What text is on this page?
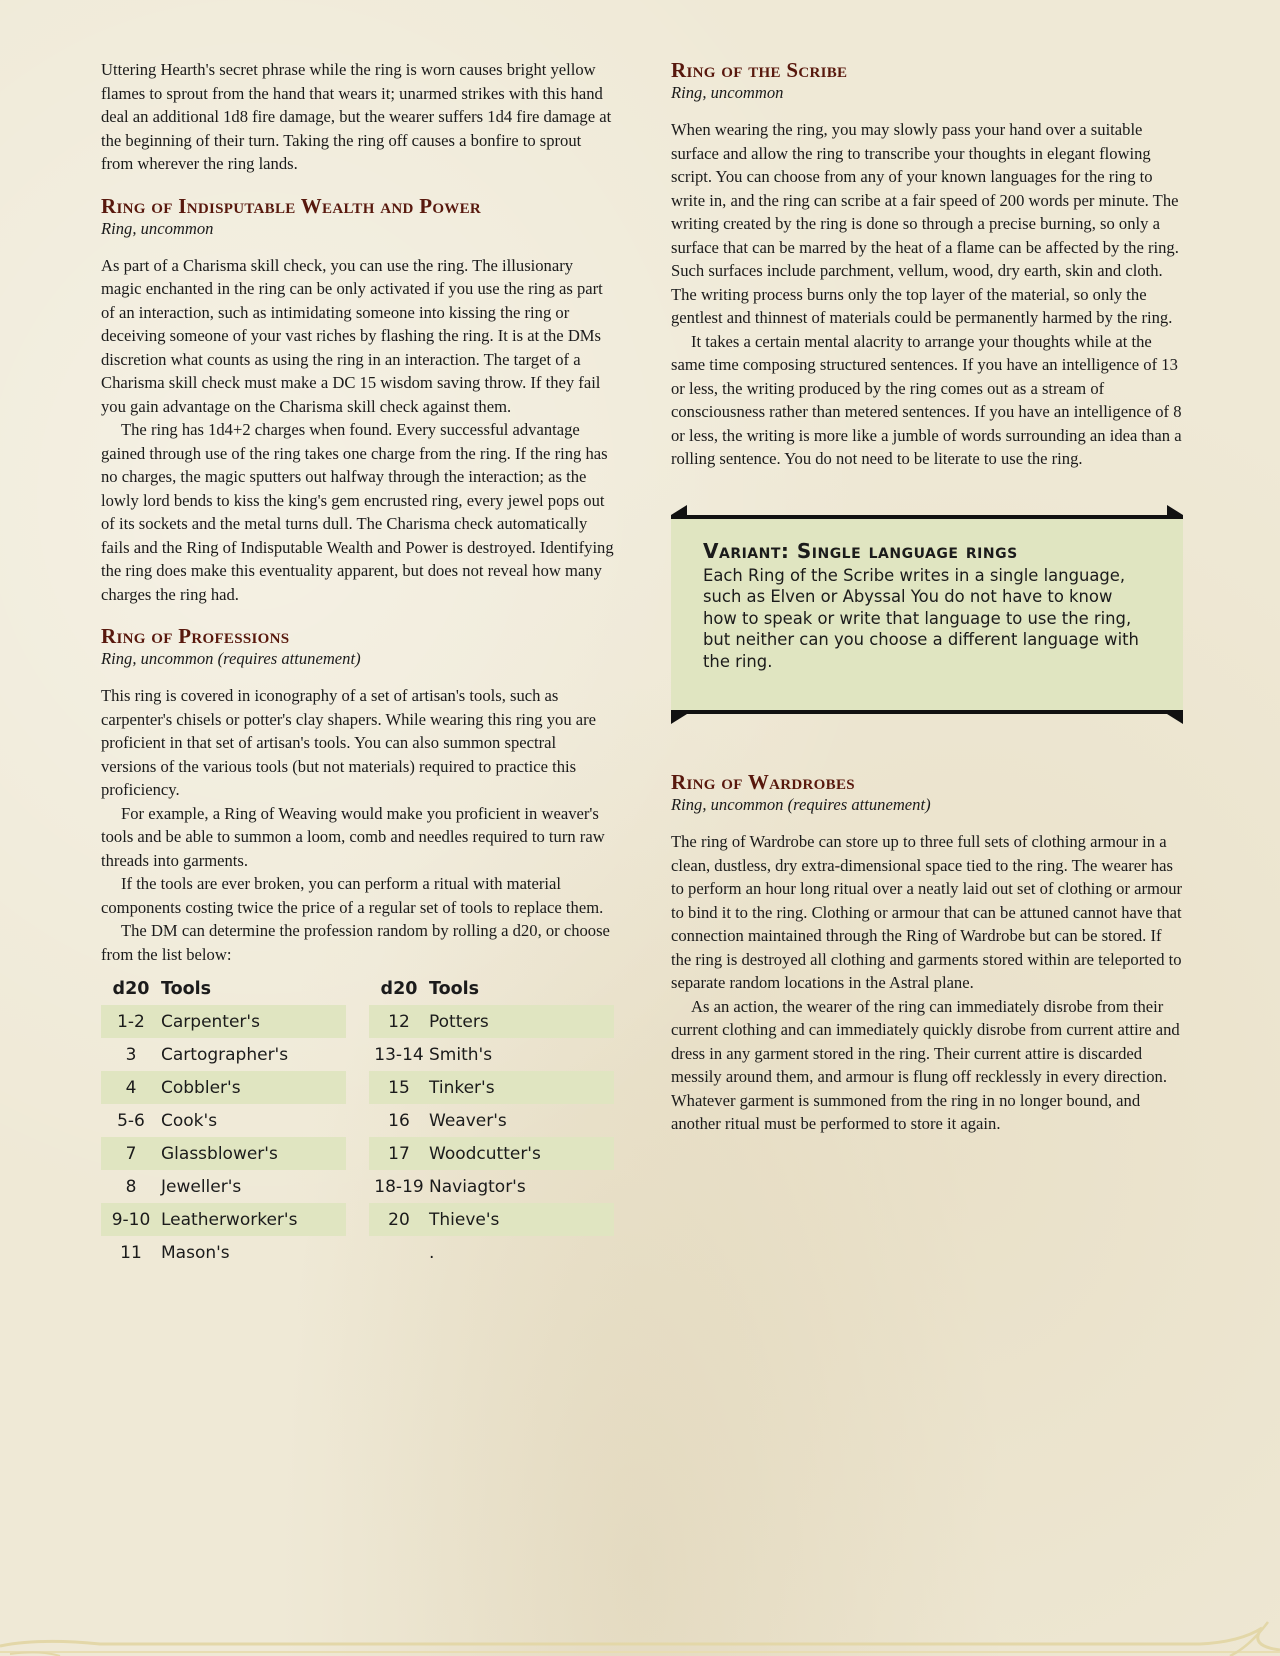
Uttering Hearth's secret phrase while the ring is worn causes bright yellow flames to sprout from the hand that wears it; unarmed strikes with this hand deal an additional 1d8 fire damage, but the wearer suffers 1d4 fire damage at the beginning of their turn. Taking the ring off causes a bonfire to sprout from wherever the ring lands.

Ring of Indisputable Wealth and Power
Ring, uncommon

As part of a Charisma skill check, you can use the ring. The illusionary magic enchanted in the ring can be only activated if you use the ring as part of an interaction, such as intimidating someone into kissing the ring or deceiving someone of your vast riches by flashing the ring. It is at the DMs discretion what counts as using the ring in an interaction. The target of a Charisma skill check must make a DC 15 wisdom saving throw. If they fail you gain advantage on the Charisma skill check against them.

The ring has 1d4+2 charges when found. Every successful advantage gained through use of the ring takes one charge from the ring. If the ring has no charges, the magic sputters out halfway through the interaction; as the lowly lord bends to kiss the king's gem encrusted ring, every jewel pops out of its sockets and the metal turns dull. The Charisma check automatically fails and the Ring of Indisputable Wealth and Power is destroyed. Identifying the ring does make this eventuality apparent, but does not reveal how many charges the ring had.

Ring of Professions
Ring, uncommon (requires attunement)

This ring is covered in iconography of a set of artisan's tools, such as carpenter's chisels or potter's clay shapers. While wearing this ring you are proficient in that set of artisan's tools. You can also summon spectral versions of the various tools (but not materials) required to practice this proficiency.

For example, a Ring of Weaving would make you proficient in weaver's tools and be able to summon a loom, comb and needles required to turn raw threads into garments.

If the tools are ever broken, you can perform a ritual with material components costing twice the price of a regular set of tools to replace them.

The DM can determine the profession random by rolling a d20, or choose from the list below:

d20	Tools
1-2	Carpenter's
3	Cartographer's
4	Cobbler's
5-6	Cook's
7	Glassblower's
8	Jeweller's
9-10	Leatherworker's
11	Mason's
d20	Tools
12	Potters
13-14	Smith's
15	Tinker's
16	Weaver's
17	Woodcutter's
18-19	Naviagtor's
20	Thieve's
	.
Ring of the Scribe
Ring, uncommon

When wearing the ring, you may slowly pass your hand over a suitable surface and allow the ring to transcribe your thoughts in elegant flowing script. You can choose from any of your known languages for the ring to write in, and the ring can scribe at a fair speed of 200 words per minute. The writing created by the ring is done so through a precise burning, so only a surface that can be marred by the heat of a flame can be affected by the ring. Such surfaces include parchment, vellum, wood, dry earth, skin and cloth. The writing process burns only the top layer of the material, so only the gentlest and thinnest of materials could be permanently harmed by the ring.

It takes a certain mental alacrity to arrange your thoughts while at the same time composing structured sentences. If you have an intelligence of 13 or less, the writing produced by the ring comes out as a stream of consciousness rather than metered sentences. If you have an intelligence of 8 or less, the writing is more like a jumble of words surrounding an idea than a rolling sentence. You do not need to be literate to use the ring.

Variant: Single language rings
Each Ring of the Scribe writes in a single language, such as Elven or Abyssal You do not have to know how to speak or write that language to use the ring, but neither can you choose a different language with the ring.
Ring of Wardrobes
Ring, uncommon (requires attunement)

The ring of Wardrobe can store up to three full sets of clothing armour in a clean, dustless, dry extra-dimensional space tied to the ring. The wearer has to perform an hour long ritual over a neatly laid out set of clothing or armour to bind it to the ring. Clothing or armour that can be attuned cannot have that connection maintained through the Ring of Wardrobe but can be stored. If the ring is destroyed all clothing and garments stored within are teleported to separate random locations in the Astral plane.

As an action, the wearer of the ring can immediately disrobe from their current clothing and can immediately quickly disrobe from current attire and dress in any garment stored in the ring. Their current attire is discarded messily around them, and armour is flung off recklessly in every direction. Whatever garment is summoned from the ring in no longer bound, and another ritual must be performed to store it again.
